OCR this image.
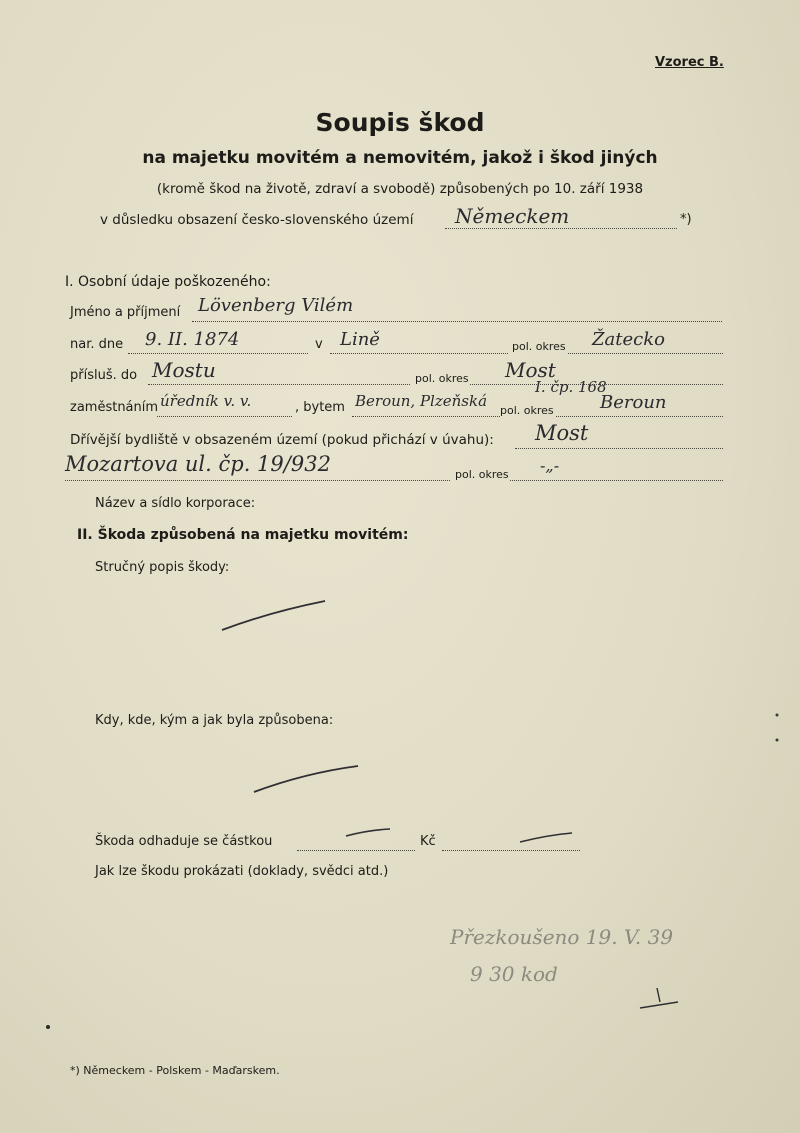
Vzorec B.
Soupis škod
na majetku movitém a nemovitém, jakož i škod jiných
(kromě škod na životě, zdraví a svobodě) způsobených po 10. září 1938
v důsledku obsazení česko-slovenského území Německem	*)
I. Osobní údaje poškozeného:
Jméno a příjmení Lövenberg Vilém
nar. dne 9. II. 1874	v Lině	pol. okres Žatecko
přísluš. do Mostu	pol. okres Most
zaměstnáním úředník v. v.	, bytem Beroun, Plzeňská
I. čp. 168
pol. okres	Beroun
Dřívější bydliště v obsazeném území (pokud přichází v úvahu): Most
Mozartova ul. čp. 19/932	pol. okres -„-
Název a sídlo korporace:
II. Škoda způsobená na majetku movitém:
Stručný popis škody:
Kdy, kde, kým a jak byla způsobena:
Škoda odhaduje se částkou	Kč
Jak lze škodu prokázati (doklady, svědci atd.)
Přezkoušeno 19. V. 39
9 30 kod
*) Německem - Polskem - Maďarskem.
